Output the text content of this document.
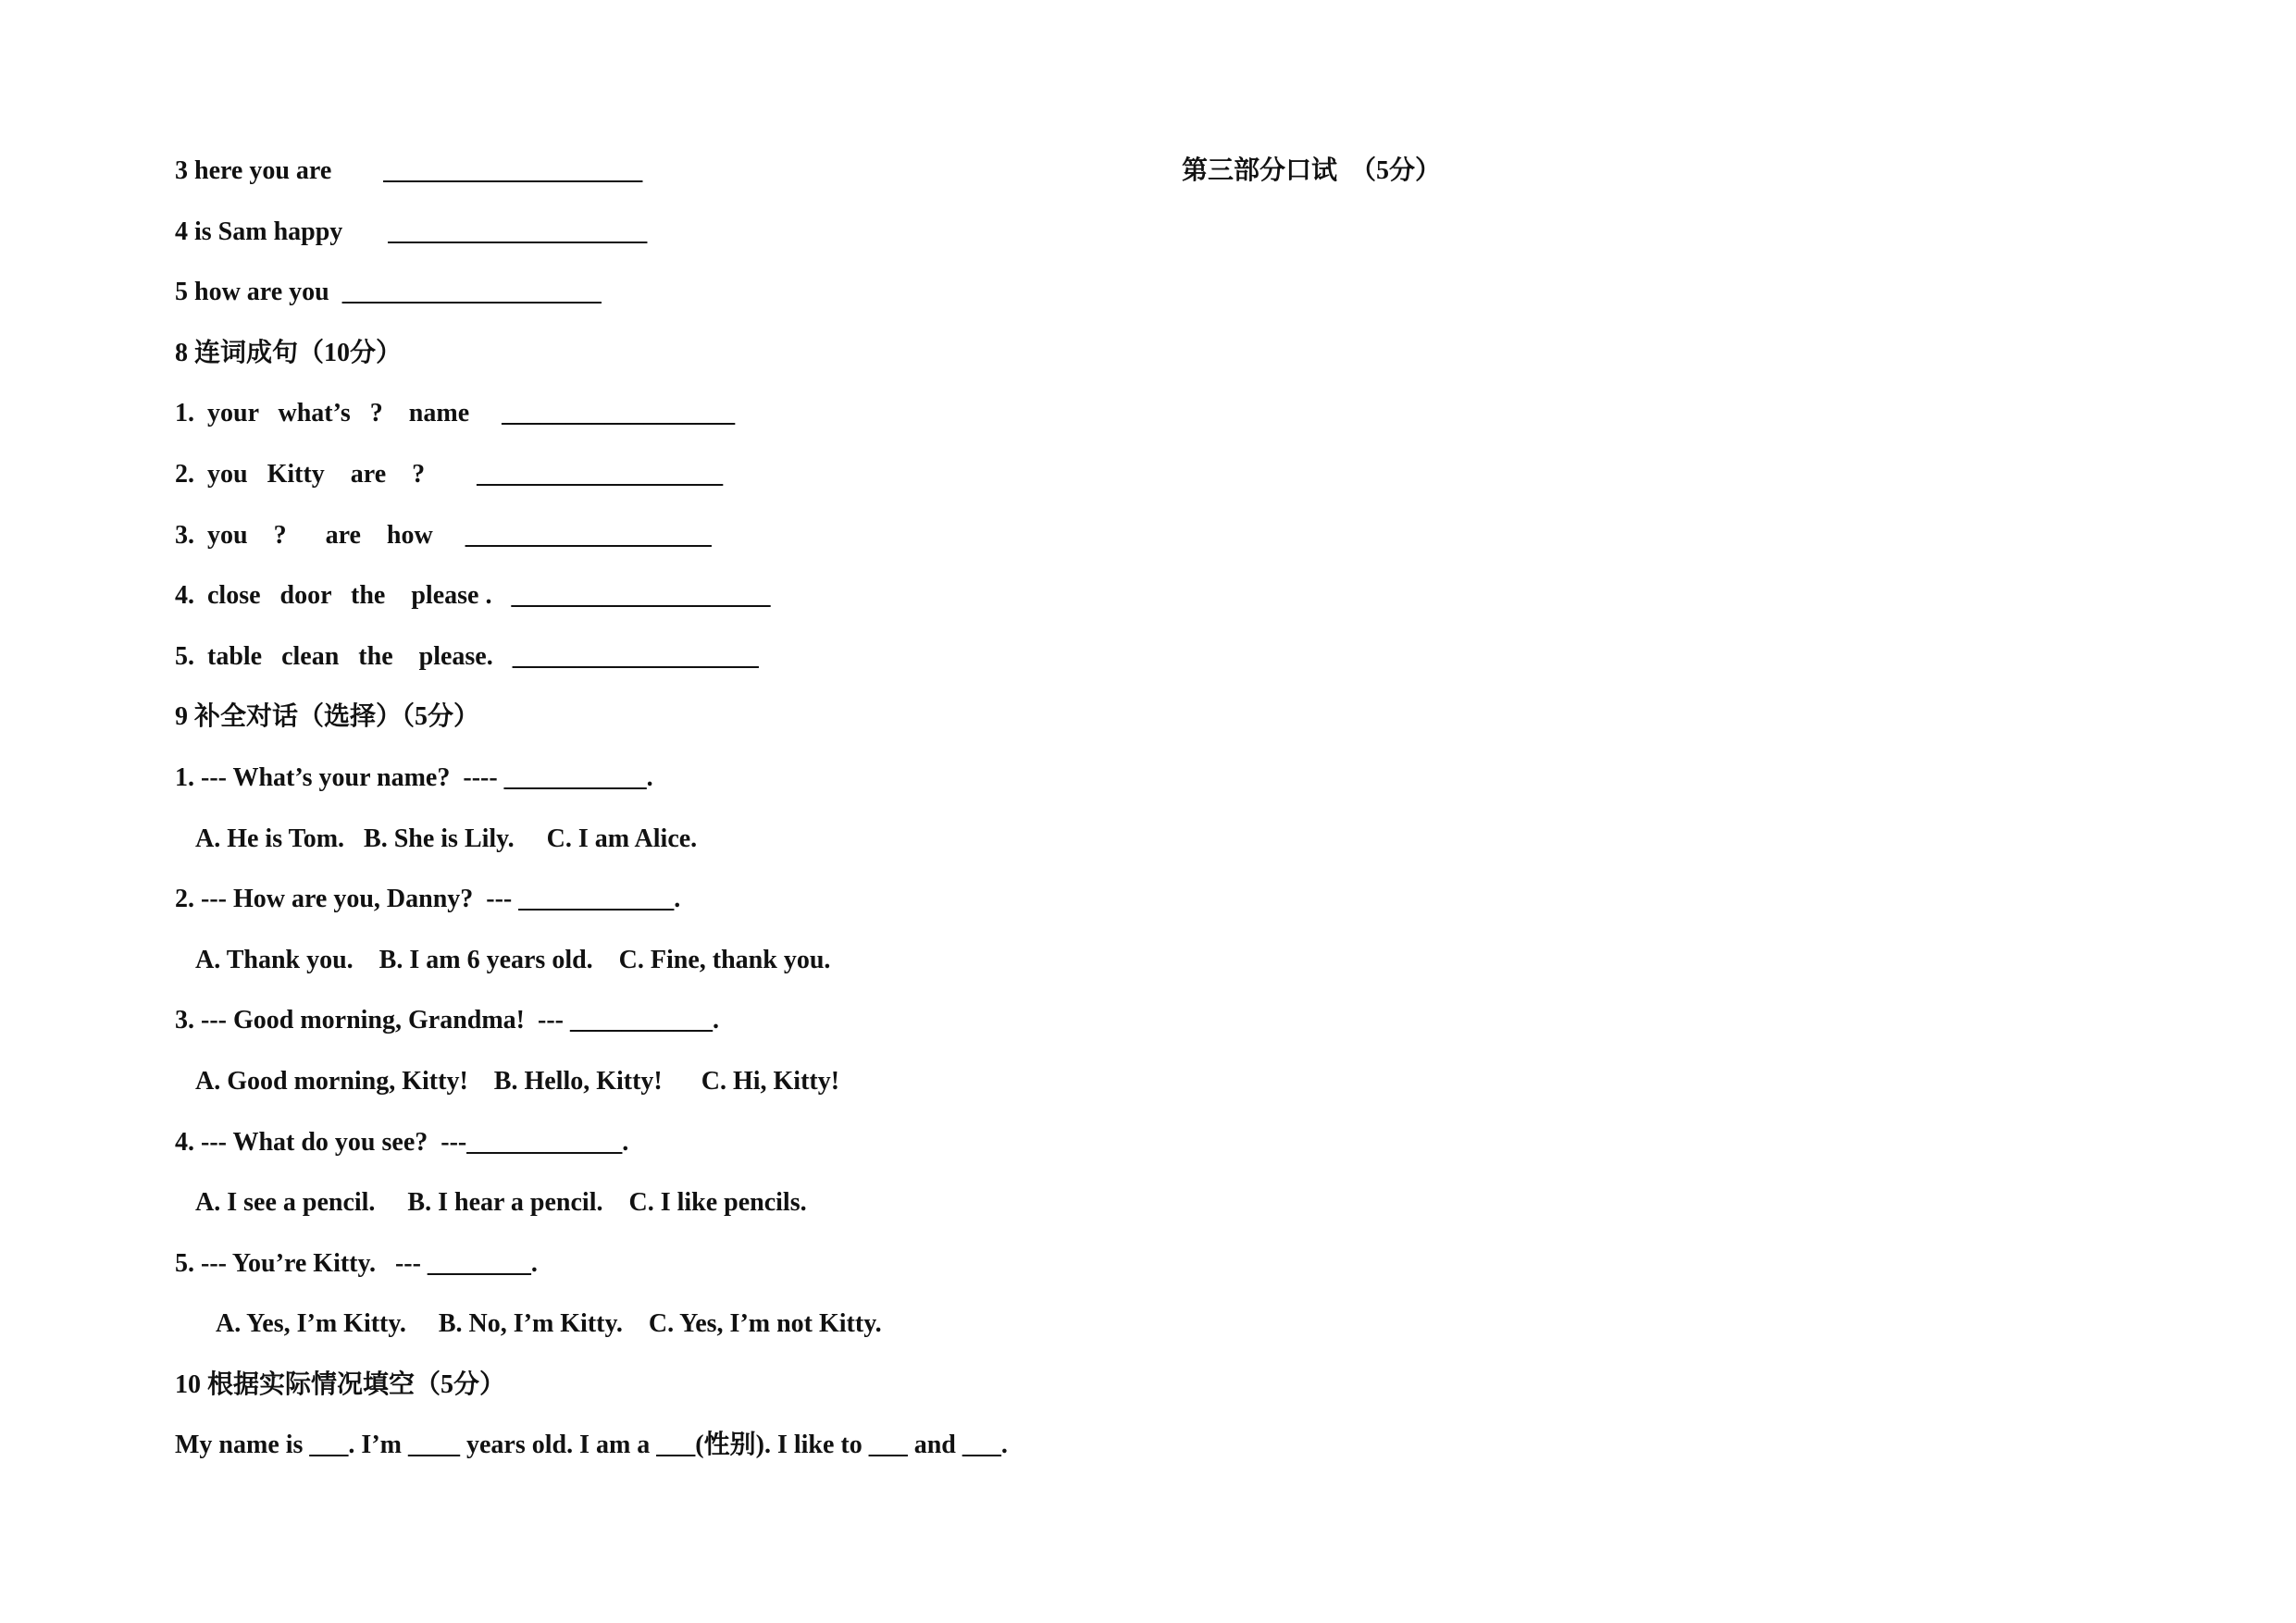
3 here you are        ____________________
4 is Sam happy       ____________________
5 how are you  ____________________
8 连词成句（10分）
1.  your   what’s   ?    name     __________________
2.  you   Kitty    are    ?        ___________________
3.  you    ?      are    how     ___________________
4.  close   door   the    please .   ____________________
5.  table   clean   the    please.   ___________________
9 补全对话（选择）（5分）
1. --- What’s your name?  ---- ___________.
A. He is Tom.   B. She is Lily.     C. I am Alice.
2. --- How are you, Danny?  --- ____________.
A. Thank you.    B. I am 6 years old.    C. Fine, thank you.
3. --- Good morning, Grandma!  --- ___________.
A. Good morning, Kitty!    B. Hello, Kitty!      C. Hi, Kitty!
4. --- What do you see?  ---____________.
A. I see a pencil.     B. I hear a pencil.    C. I like pencils.
5. --- You’re Kitty.   --- ________.
A. Yes, I’m Kitty.     B. No, I’m Kitty.    C. Yes, I’m not Kitty.
10 根据实际情况填空（5分）
My name is ___. I’m ____ years old. I am a ___(性别). I like to ___ and ___.
第三部分口试  （5分）
